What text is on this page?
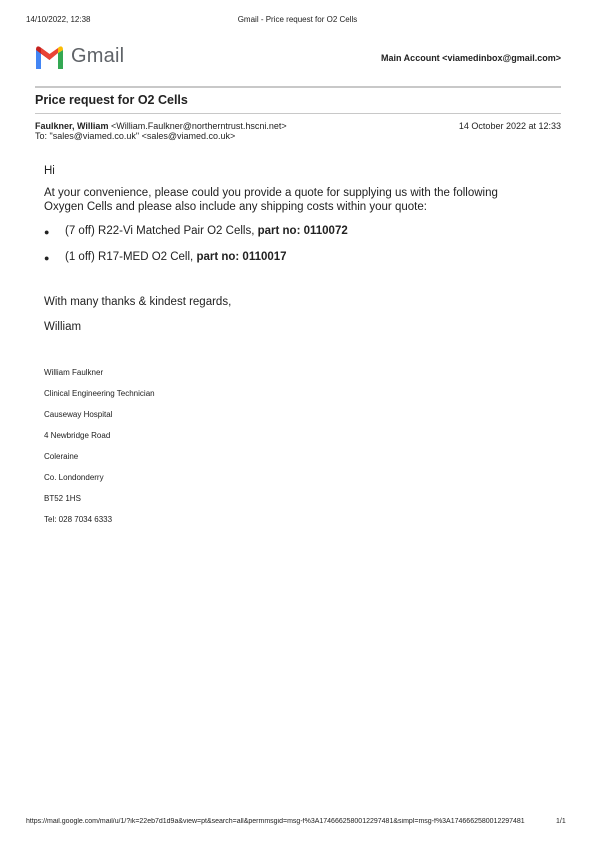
14/10/2022, 12:38	Gmail - Price request for O2 Cells
Gmail	Main Account <viamedinbox@gmail.com>
Price request for O2 Cells
Faulkner, William <William.Faulkner@northerntrust.hscni.net>	14 October 2022 at 12:33
To: "sales@viamed.co.uk" <sales@viamed.co.uk>
Hi
At your convenience, please could you provide a quote for supplying us with the following
Oxygen Cells and please also include any shipping costs within your quote:
● (7 off) R22-Vi Matched Pair O2 Cells, part no: 0110072
● (1 off) R17-MED O2 Cell, part no: 0110017
With many thanks & kindest regards,
William
William Faulkner
Clinical Engineering Technician
Causeway Hospital
4 Newbridge Road
Coleraine
Co. Londonderry
BT52 1HS
Tel: 028 7034 6333
https://mail.google.com/mail/u/1/?ik=22eb7d1d9a&view=pt&search=all&permmsgid=msg-f%3A1746662580012297481&simpl=msg-f%3A1746662580012297481	1/1
